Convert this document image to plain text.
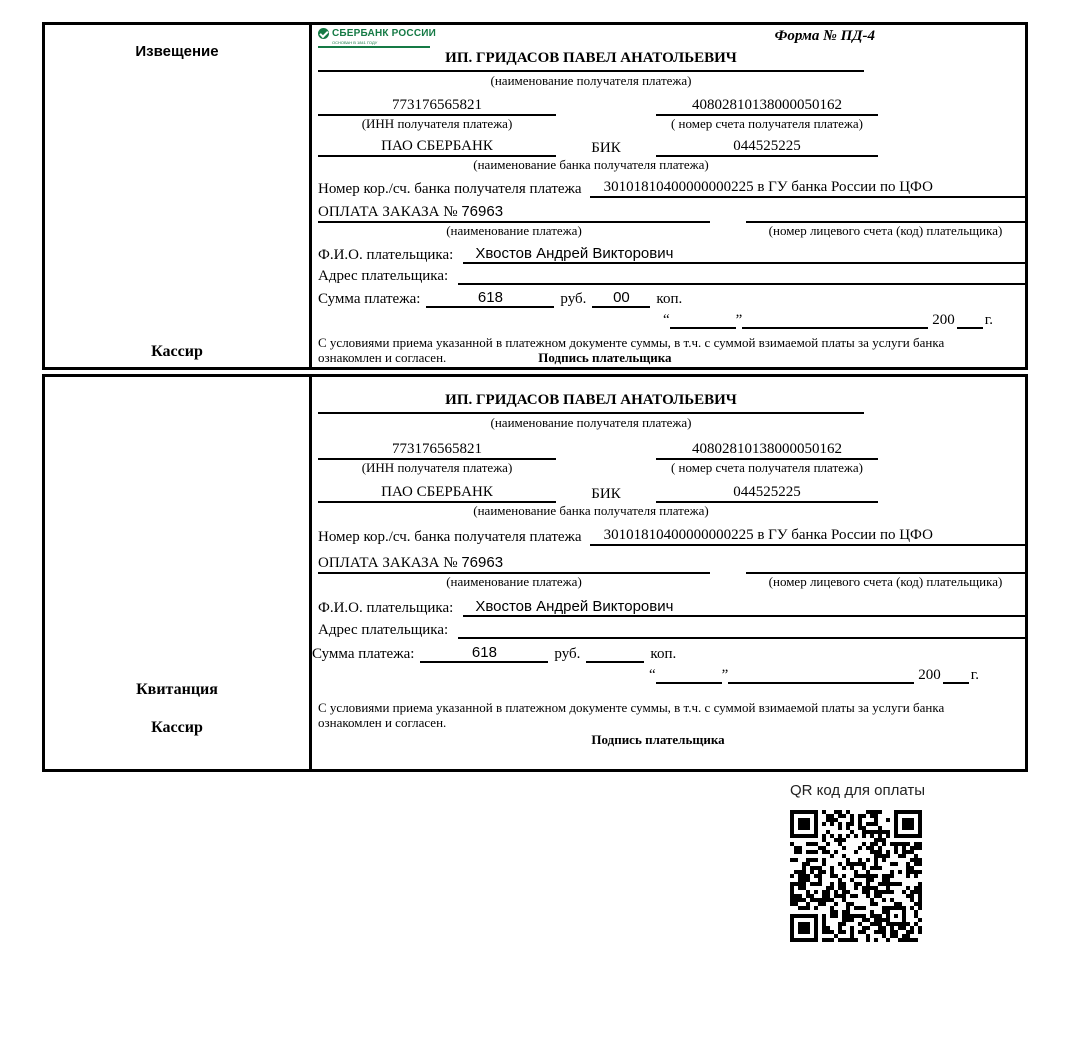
Извещение
Кассир
СБЕРБАНК РОССИИ
ОСНОВАН В 1841 ГОДУ	Форма № ПД-4
ИП. ГРИДАСОВ ПАВЕЛ АНАТОЛЬЕВИЧ
(наименование получателя платежа)
773176565821	40802810138000050162
(ИНН получателя платежа)	( номер счета получателя платежа)
ПАО СБЕРБАНК	БИК	044525225
(наименование банка получателя платежа)
Номер кор./сч. банка получателя платежа	30101810400000000225 в ГУ банка России по ЦФО
ОПЛАТА ЗАКАЗА № 76963
(наименование платежа)	(номер лицевого счета (код) плательщика)
Ф.И.О. плательщика:	Хвостов Андрей Викторович
Адрес плательщика:
Сумма платежа:	618	руб.	00	коп.
“	”	200 г.
С условиями приема указанной в платежном документе суммы, в т.ч. с суммой взимаемой платы за услуги банка
ознакомлен и согласен.	Подпись плательщика
Квитанция
Кассир
ИП. ГРИДАСОВ ПАВЕЛ АНАТОЛЬЕВИЧ
(наименование получателя платежа)
773176565821	40802810138000050162
(ИНН получателя платежа)	( номер счета получателя платежа)
ПАО СБЕРБАНК	БИК	044525225
(наименование банка получателя платежа)
Номер кор./сч. банка получателя платежа	30101810400000000225 в ГУ банка России по ЦФО
ОПЛАТА ЗАКАЗА № 76963
(наименование платежа)	(номер лицевого счета (код) плательщика)
Ф.И.О. плательщика:	Хвостов Андрей Викторович
Адрес плательщика:
Сумма платежа:	618	руб.	коп.
“	”	200 г.
С условиями приема указанной в платежном документе суммы, в т.ч. с суммой взимаемой платы за услуги банка
ознакомлен и согласен.
Подпись плательщика
QR код для оплаты
